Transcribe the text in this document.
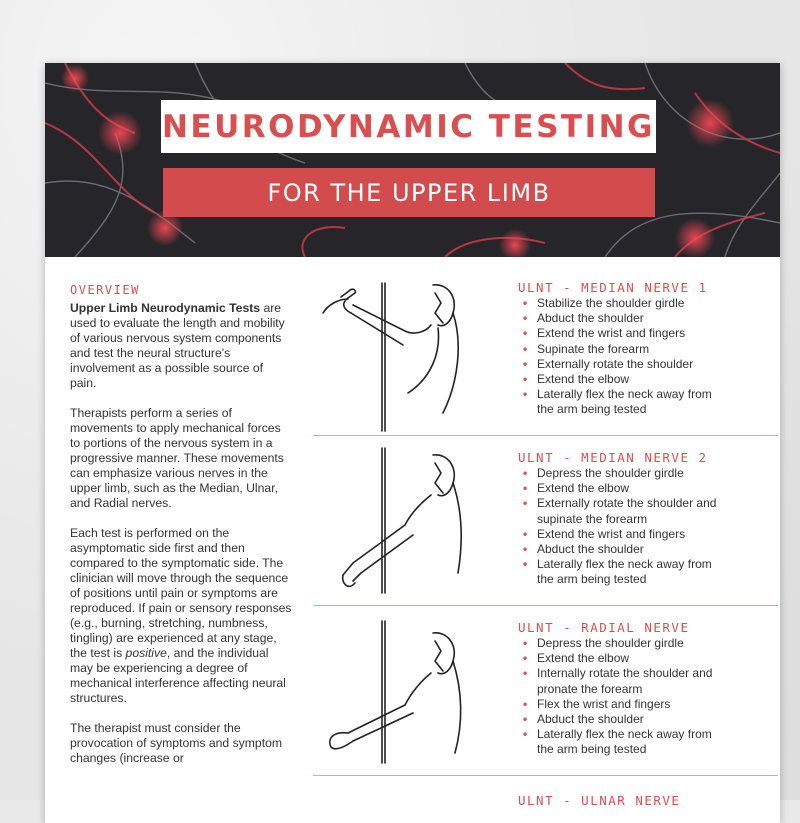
NEURODYNAMIC TESTING
FOR THE UPPER LIMB
OVERVIEW

Upper Limb Neurodynamic Tests are used to evaluate the length and mobility of various nervous system components and test the neural structure's involvement as a possible source of pain.

Therapists perform a series of movements to apply mechanical forces to portions of the nervous system in a progressive manner. These movements can emphasize various nerves in the upper limb, such as the Median, Ulnar, and Radial nerves.

Each test is performed on the asymptomatic side first and then compared to the symptomatic side. The clinician will move through the sequence of positions until pain or symptoms are reproduced. If pain or sensory responses (e.g., burning, stretching, numbness, tingling) are experienced at any stage, the test is positive, and the individual may be experiencing a degree of mechanical interference affecting neural structures.

The therapist must consider the provocation of symptoms and symptom changes (increase or

ULNT - MEDIAN NERVE 1
• Stabilize the shoulder girdle
• Abduct the shoulder
• Extend the wrist and fingers
• Supinate the forearm
• Externally rotate the shoulder
• Extend the elbow
• Laterally flex the neck away from the arm being tested
ULNT - MEDIAN NERVE 2
• Depress the shoulder girdle
• Extend the elbow
• Externally rotate the shoulder and supinate the forearm
• Extend the wrist and fingers
• Abduct the shoulder
• Laterally flex the neck away from the arm being tested
ULNT - RADIAL NERVE
• Depress the shoulder girdle
• Extend the elbow
• Internally rotate the shoulder and pronate the forearm
• Flex the wrist and fingers
• Abduct the shoulder
• Laterally flex the neck away from the arm being tested
ULNT - ULNAR NERVE
